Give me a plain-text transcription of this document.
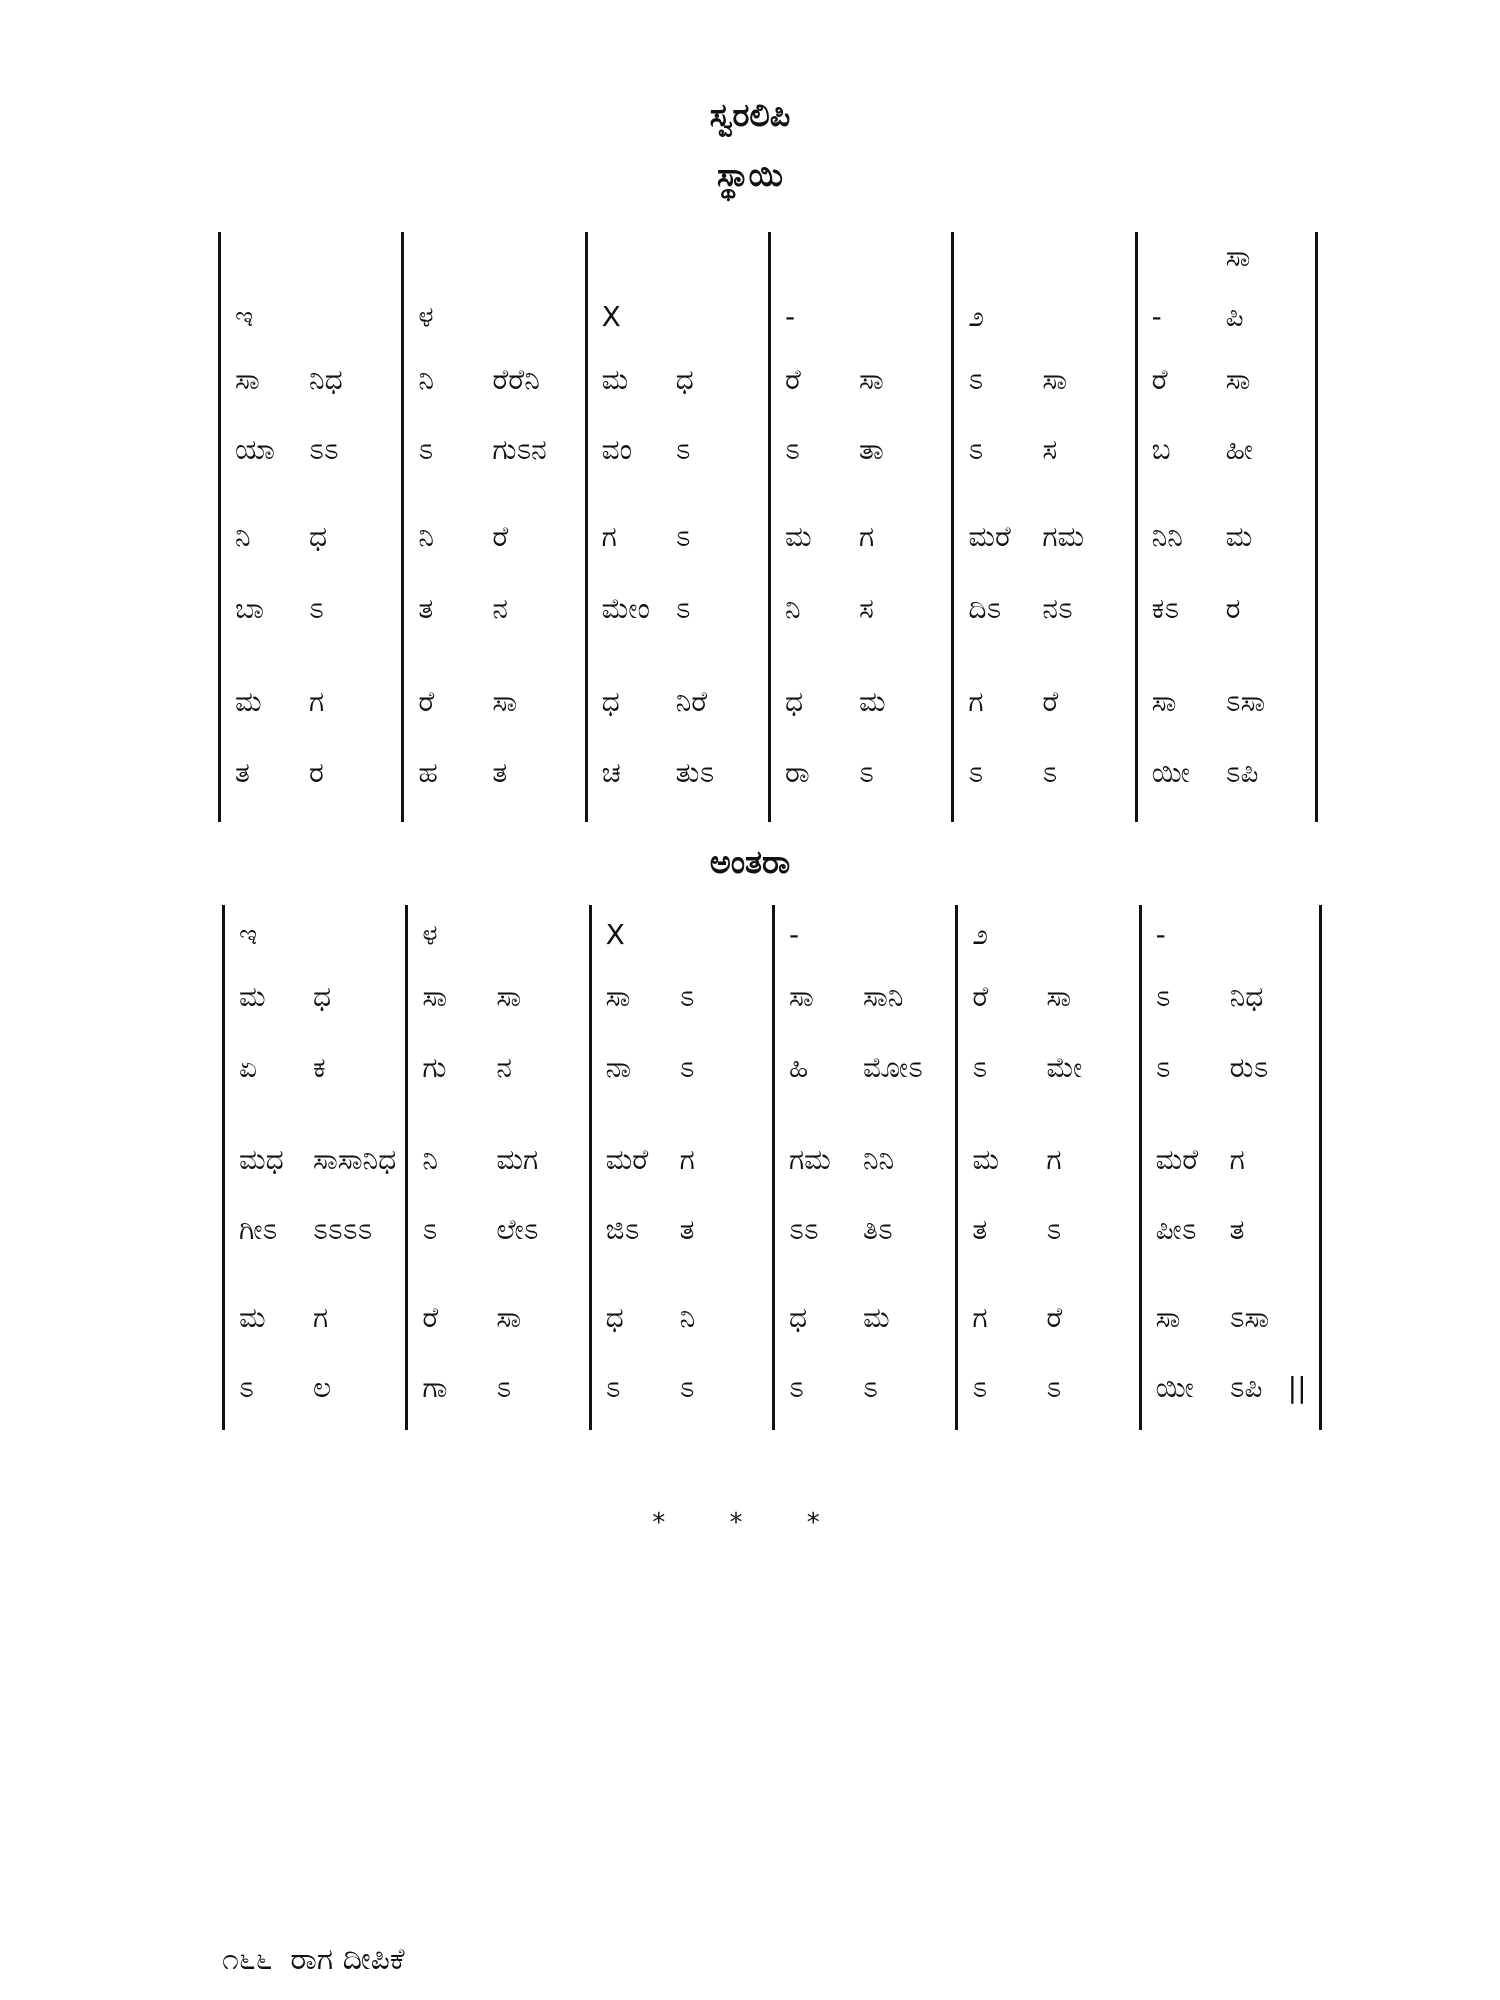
ಸ್ವರಲಿಪಿ
ಸ್ಥಾಯಿ
ಇ
ಸಾ ನಿಧ
ಯಾ ಽಽ
ನಿ ಧ
ಬಾ ಽ
ಮ ಗ
ತ ರ
ಳ
ನಿ ರೆರೆನಿ
ಽ ಗುಽನ
ನಿ ರೆ
ತ ನ
ರೆ ಸಾ
ಹ ತ
X
ಮ ಧ
ವಂ ಽ
ಗ ಽ
ಮೇಂ ಽ
ಧ ನಿರೆ
ಚ ತುಽ
-
ರೆ ಸಾ
ಽ ತಾ
ಮ ಗ
ನಿ ಸ
ಧ ಮ
ರಾ ಽ
೨
ಽ ಸಾ
ಽ ಸ
ಮರೆ ಗಮ
ದಿಽ ನಽ
ಗ ರೆ
ಽ ಽ
ಸಾ
- ಪಿ
ರೆ ಸಾ
ಬ ಹೀ
ನಿನಿ ಮ
ಕಽ ರ
ಸಾ ಽಸಾ
ಯೀ ಽಪಿ
ಅಂತರಾ
ಇ
ಮ ಧ
ಏ ಕ
ಮಧ ಸಾಸಾನಿಧ
ಗೀಽ ಽಽಽಽ
ಮ ಗ
ಽ ಲ
ಳ
ಸಾ ಸಾ
ಗು ನ
ನಿ ಮಗ
ಽ ಲೇಽ
ರೆ ಸಾ
ಗಾ ಽ
X
ಸಾ ಽ
ನಾ ಽ
ಮರೆ ಗ
ಜಿಽ ತ
ಧ ನಿ
ಽ ಽ
-
ಸಾ ಸಾನಿ
ಹಿ ಮೋಽ
ಗಮ ನಿನಿ
ಽಽ ತಿಽ
ಧ ಮ
ಽ ಽ
೨
ರೆ ಸಾ
ಽ ಮೇ
ಮ ಗ
ತ ಽ
ಗ ರೆ
ಽ ಽ
-
ಽ ನಿಧ
ಽ ರುಽ
ಮರೆ ಗ
ಪೀಽ ತ
ಸಾ ಽಸಾ
ಯೀ ಽಪಿ ||
* * *
೧೬೬ ರಾಗ ದೀಪಿಕೆ
